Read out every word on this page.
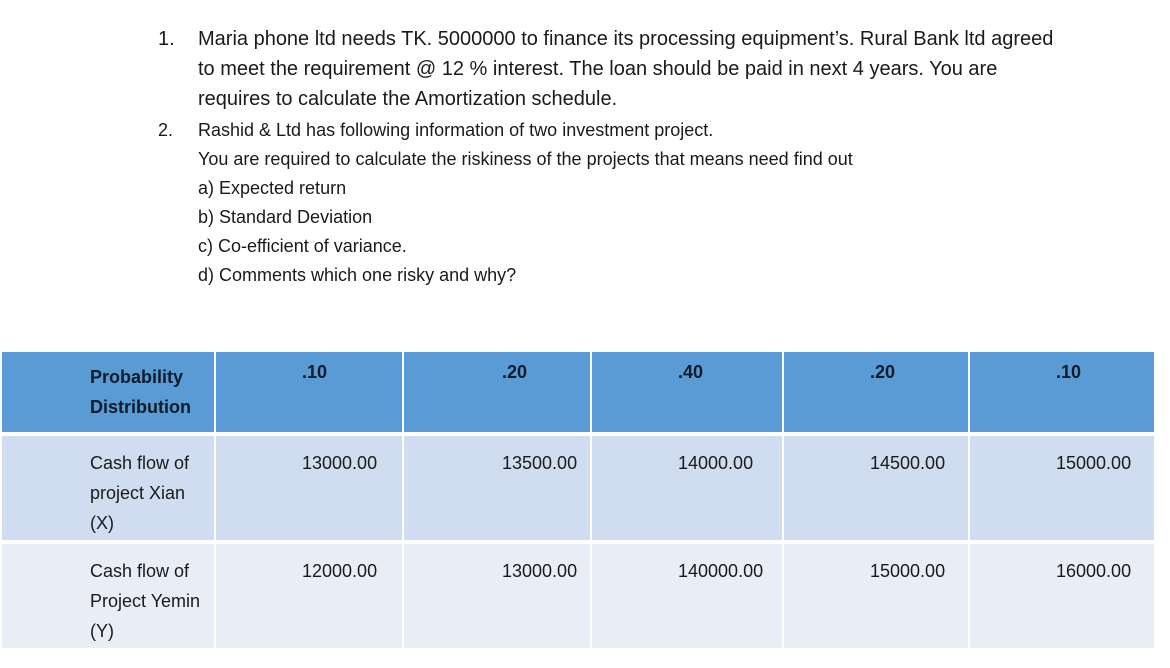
1.	Maria phone ltd needs TK. 5000000 to finance its processing equipment’s. Rural Bank ltd agreed to meet the requirement @ 12 % interest. The loan should be paid in next 4 years. You are requires to calculate the Amortization schedule.
2.	Rashid & Ltd has following information of two investment project.
You are required to calculate the riskiness of the projects that means need find out
a) Expected return
b) Standard Deviation
c) Co-efficient of variance.
d) Comments which one risky and why?
Probability Distribution	.10	.20	.40	.20	.10
Cash flow of project Xian (X)	13000.00	13500.00	14000.00	14500.00	15000.00
Cash flow of Project Yemin (Y)	12000.00	13000.00	140000.00	15000.00	16000.00
